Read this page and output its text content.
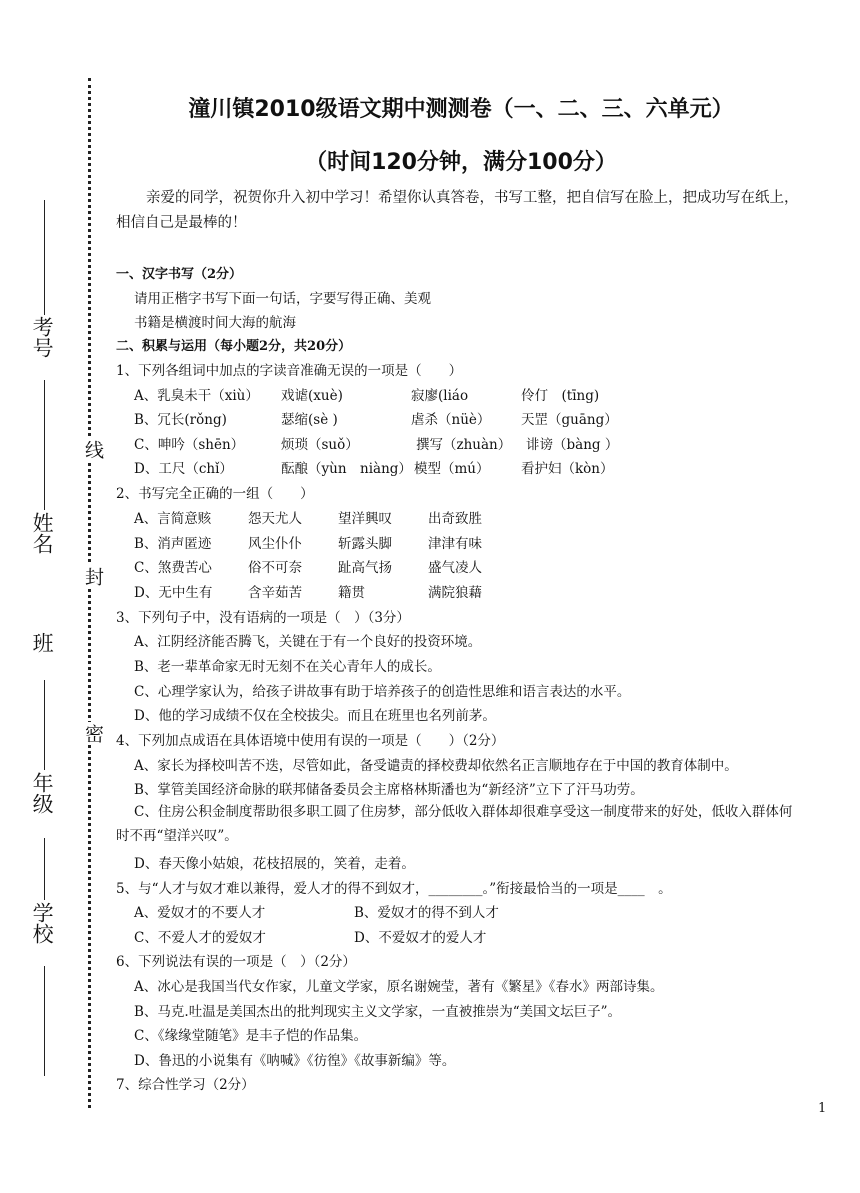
考号
姓名
班
年级
学校
线
封
密
潼川镇2010级语文期中测测卷（一、二、三、六单元）
（时间120分钟，满分100分）
亲爱的同学，祝贺你升入初中学习！希望你认真答卷，书写工整，把自信写在脸上，把成功写在纸上，相信自己是最棒的！
一、汉字书写（2分）
请用正楷字书写下面一句话，字要写得正确、美观
书籍是横渡时间大海的航海
二、积累与运用（每小题2分，共20分）
1、下列各组词中加点的字读音准确无误的一项是（　　）
A、乳臭未干（xiù） 戏谑(xuè)	寂廖(liáo	伶仃　(tīng)
B、冗长(rǒng)	瑟缩(sè )	虐杀（nüè） 天罡（guāng）
C、呻吟（shēn）	烦琐（suǒ）	撰写（zhuàn） 诽谤（bàng ）
D、工尺（chǐ）	酝酿（yùn　niàng） 模型（mú） 看护妇（kòn）
2、书写完全正确的一组（　　）
A、言简意赅	怨天尤人	望洋興叹	出奇致胜
B、消声匿迹	风尘仆仆	斩露头脚	津津有味
C、煞费苦心	俗不可奈	趾高气扬	盛气凌人
D、无中生有	含辛茹苦	籍贯	满院狼藉
3、下列句子中，没有语病的一项是（　）（3分）
A、江阴经济能否腾飞，关键在于有一个良好的投资环境。
B、老一辈革命家无时无刻不在关心青年人的成长。
C、心理学家认为，给孩子讲故事有助于培养孩子的创造性思维和语言表达的水平。
D、他的学习成绩不仅在全校拔尖。而且在班里也名列前茅。
4、下列加点成语在具体语境中使用有误的一项是（　　）（2分）
A、家长为择校叫苦不迭，尽管如此，备受谴责的择校费却依然名正言顺地存在于中国的教育体制中。
B、掌管美国经济命脉的联邦储备委员会主席格林斯潘也为“新经济”立下了汗马功劳。
C、住房公积金制度帮助很多职工圆了住房梦，部分低收入群体却很难享受这一制度带来的好处，低收入群体何时不再“望洋兴叹”。
D、春天像小姑娘，花枝招展的，笑着，走着。
5、与“人才与奴才难以兼得，爱人才的得不到奴才，________。”衔接最恰当的一项是____　。
A、爱奴才的不要人才	B、爱奴才的得不到人才
C、不爱人才的爱奴才	D、不爱奴才的爱人才
6、下列说法有误的一项是（　）（2分）
A、冰心是我国当代女作家，儿童文学家，原名谢婉莹，著有《繁星》《春水》两部诗集。
B、马克.吐温是美国杰出的批判现实主义文学家，一直被推崇为“美国文坛巨子”。
C、《缘缘堂随笔》是丰子恺的作品集。
D、鲁迅的小说集有《呐喊》《彷徨》《故事新编》等。
7、综合性学习（2分）
1
